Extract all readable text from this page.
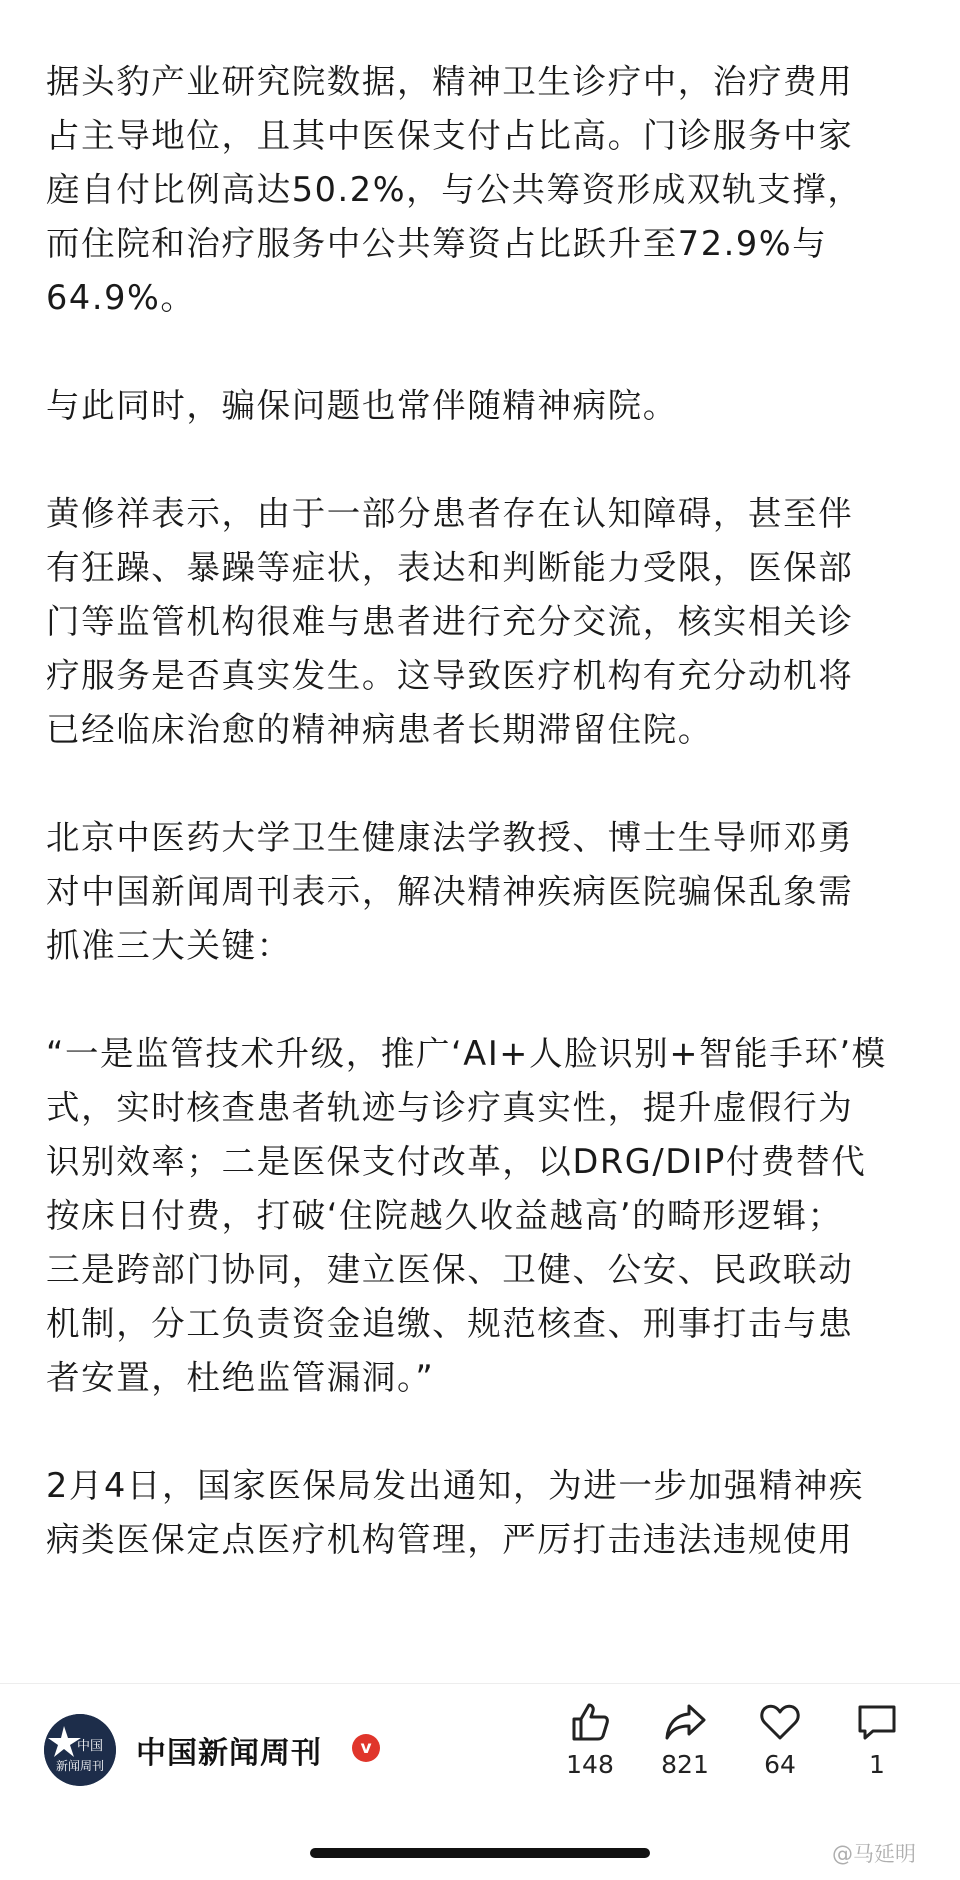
据头豹产业研究院数据，精神卫生诊疗中，治疗费用
占主导地位，且其中医保支付占比高。门诊服务中家
庭自付比例高达50.2%，与公共筹资形成双轨支撑，
而住院和治疗服务中公共筹资占比跃升至72.9%与
64.9%。

与此同时，骗保问题也常伴随精神病院。

黄修祥表示，由于一部分患者存在认知障碍，甚至伴
有狂躁、暴躁等症状，表达和判断能力受限，医保部
门等监管机构很难与患者进行充分交流，核实相关诊
疗服务是否真实发生。这导致医疗机构有充分动机将
已经临床治愈的精神病患者长期滞留住院。

北京中医药大学卫生健康法学教授、博士生导师邓勇
对中国新闻周刊表示，解决精神疾病医院骗保乱象需
抓准三大关键：

“一是监管技术升级，推广‘AI+人脸识别+智能手环’模
式，实时核查患者轨迹与诊疗真实性，提升虚假行为
识别效率；二是医保支付改革，以DRG/DIP付费替代
按床日付费，打破‘住院越久收益越高’的畸形逻辑；
三是跨部门协同，建立医保、卫健、公安、民政联动
机制，分工负责资金追缴、规范核查、刑事打击与患
者安置，杜绝监管漏洞。”

2月4日，国家医保局发出通知，为进一步加强精神疾
病类医保定点医疗机构管理，严厉打击违法违规使用

中国
新闻周刊 中国新闻周刊	v
148	821	64	1
@马延明
